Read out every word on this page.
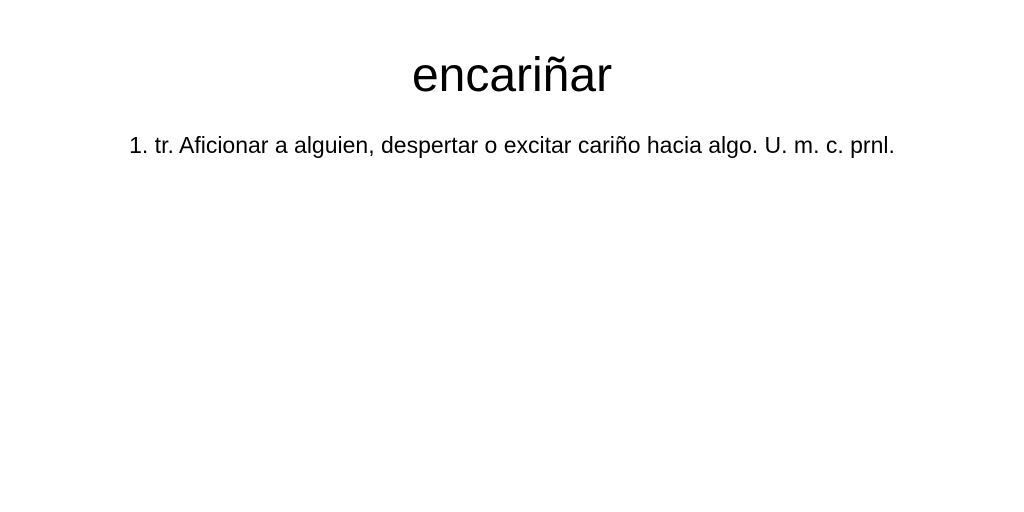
encariñar

1. tr. Aficionar a alguien, despertar o excitar cariño hacia algo. U. m. c. prnl.
